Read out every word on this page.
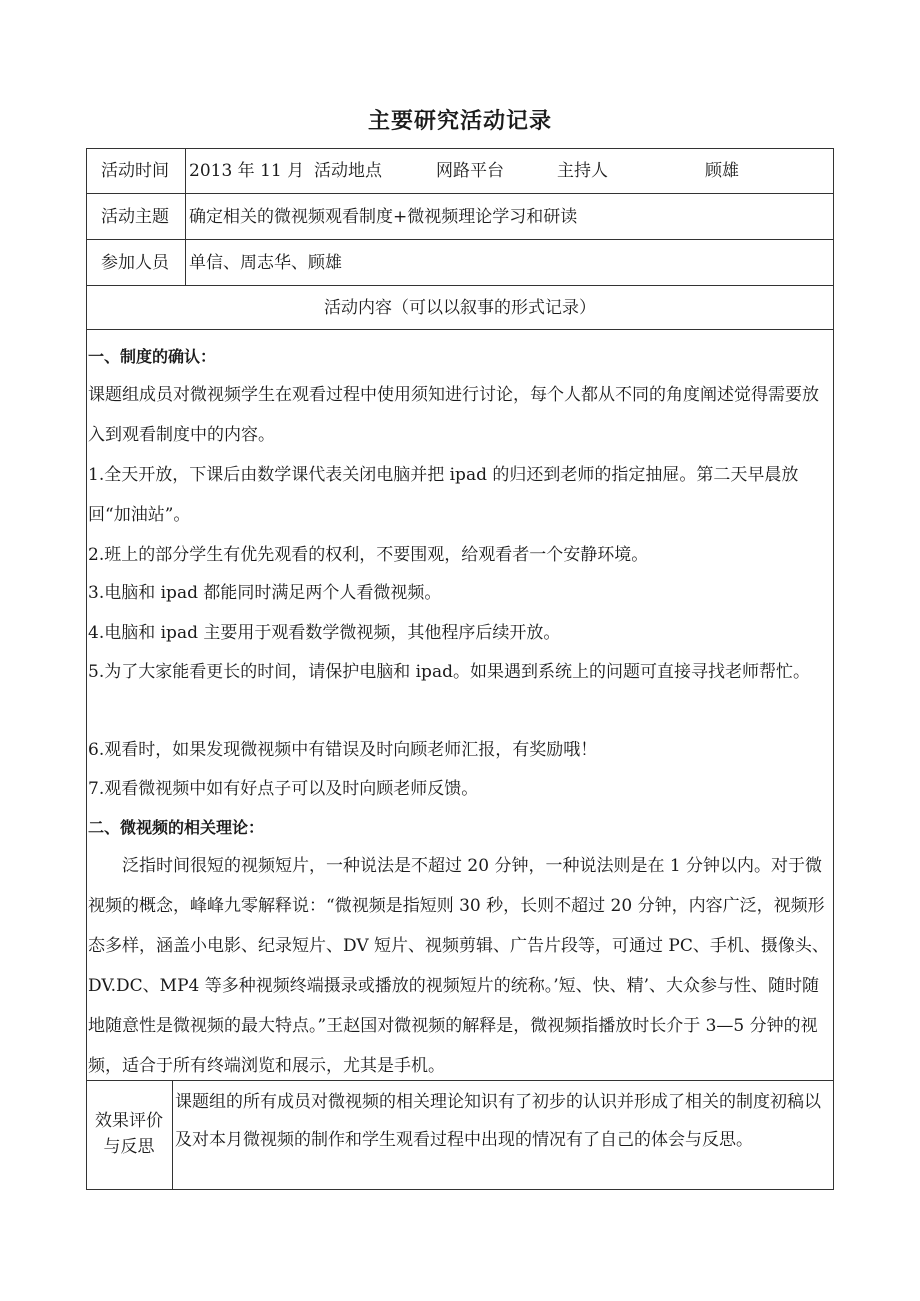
主要研究活动记录
活动时间 2013 年 11 月 活动地点	网路平台	主持人	顾雄
活动主题 确定相关的微视频观看制度+微视频理论学习和研读
参加人员 单信、周志华、顾雄
活动内容（可以以叙事的形式记录）
一、制度的确认：
课题组成员对微视频学生在观看过程中使用须知进行讨论，每个人都从不同的角度阐述觉得需要放入到观看制度中的内容。
1.全天开放，下课后由数学课代表关闭电脑并把 ipad 的归还到老师的指定抽屉。第二天早晨放回“加油站”。
2.班上的部分学生有优先观看的权利，不要围观，给观看者一个安静环境。
3.电脑和 ipad 都能同时满足两个人看微视频。
4.电脑和 ipad 主要用于观看数学微视频，其他程序后续开放。
5.为了大家能看更长的时间，请保护电脑和 ipad。如果遇到系统上的问题可直接寻找老师帮忙。
6.观看时，如果发现微视频中有错误及时向顾老师汇报，有奖励哦！
7.观看微视频中如有好点子可以及时向顾老师反馈。
二、微视频的相关理论：
泛指时间很短的视频短片，一种说法是不超过 20 分钟，一种说法则是在 1 分钟以内。对于微视频的概念，峰峰九零解释说：“微视频是指短则 30 秒，长则不超过 20 分钟，内容广泛，视频形态多样，涵盖小电影、纪录短片、DV 短片、视频剪辑、广告片段等，可通过 PC、手机、摄像头、DV.DC、MP4 等多种视频终端摄录或播放的视频短片的统称。’短、快、精’、大众参与性、随时随地随意性是微视频的最大特点。”王赵国对微视频的解释是，微视频指播放时长介于 3—5 分钟的视频，适合于所有终端浏览和展示，尤其是手机。
效果评价
与反思
课题组的所有成员对微视频的相关理论知识有了初步的认识并形成了相关的制度初稿以及对本月微视频的制作和学生观看过程中出现的情况有了自己的体会与反思。
